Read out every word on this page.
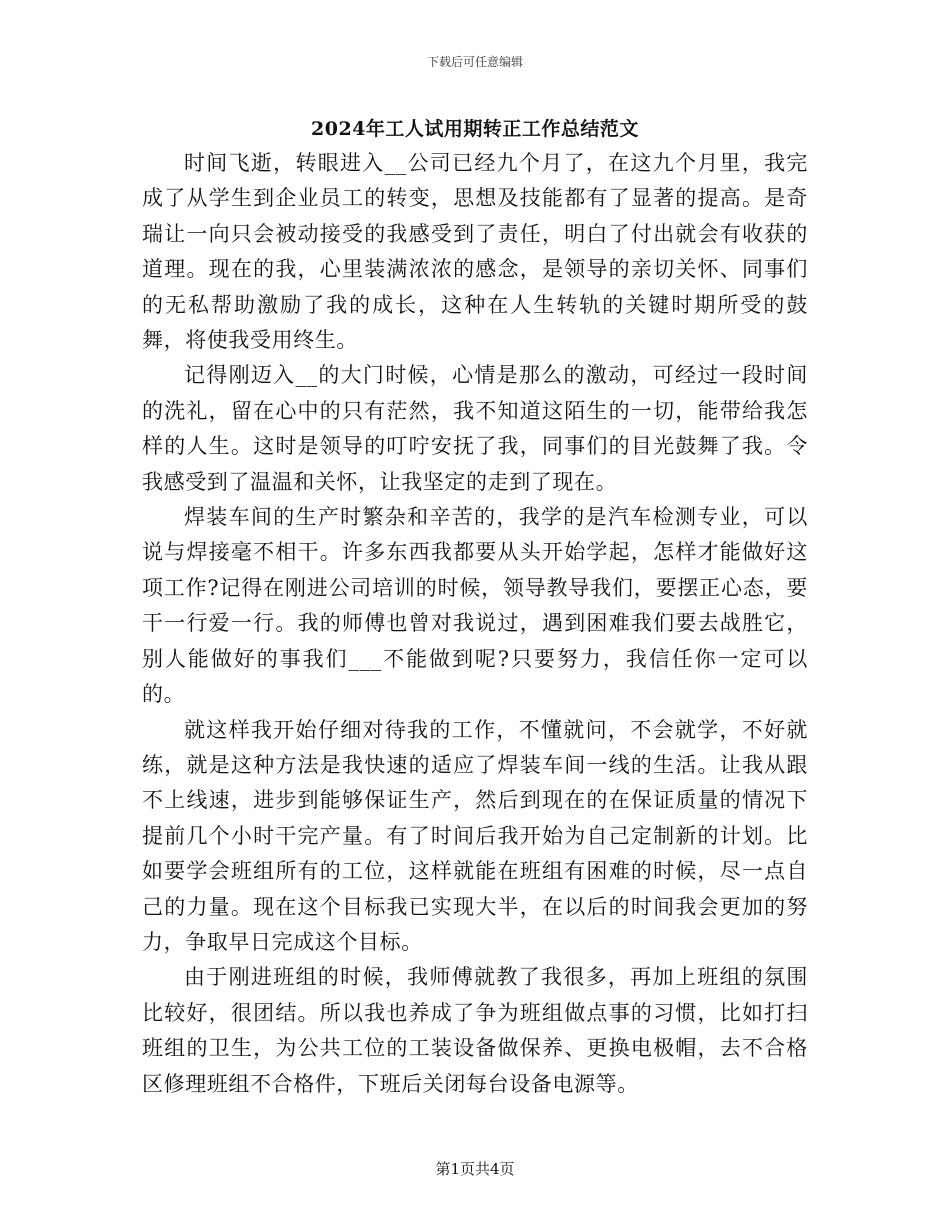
下载后可任意编辑
2024年工人试用期转正工作总结范文

时间飞逝，转眼进入__公司已经九个月了，在这九个月里，我完成了从学生到企业员工的转变，思想及技能都有了显著的提高。是奇瑞让一向只会被动接受的我感受到了责任，明白了付出就会有收获的道理。现在的我，心里装满浓浓的感念，是领导的亲切关怀、同事们的无私帮助激励了我的成长，这种在人生转轨的关键时期所受的鼓舞，将使我受用终生。

记得刚迈入__的大门时候，心情是那么的激动，可经过一段时间的洗礼，留在心中的只有茫然，我不知道这陌生的一切，能带给我怎样的人生。这时是领导的叮咛安抚了我，同事们的目光鼓舞了我。令我感受到了温温和关怀，让我坚定的走到了现在。

焊装车间的生产时繁杂和辛苦的，我学的是汽车检测专业，可以说与焊接毫不相干。许多东西我都要从头开始学起，怎样才能做好这项工作?记得在刚进公司培训的时候，领导教导我们，要摆正心态，要干一行爱一行。我的师傅也曾对我说过，遇到困难我们要去战胜它，别人能做好的事我们___不能做到呢?只要努力，我信任你一定可以的。

就这样我开始仔细对待我的工作，不懂就问，不会就学，不好就练，就是这种方法是我快速的适应了焊装车间一线的生活。让我从跟不上线速，进步到能够保证生产，然后到现在的在保证质量的情况下提前几个小时干完产量。有了时间后我开始为自己定制新的计划。比如要学会班组所有的工位，这样就能在班组有困难的时候，尽一点自己的力量。现在这个目标我已实现大半，在以后的时间我会更加的努力，争取早日完成这个目标。

由于刚进班组的时候，我师傅就教了我很多，再加上班组的氛围比较好，很团结。所以我也养成了争为班组做点事的习惯，比如打扫班组的卫生，为公共工位的工装设备做保养、更换电极帽，去不合格区修理班组不合格件，下班后关闭每台设备电源等。

第1页共4页
